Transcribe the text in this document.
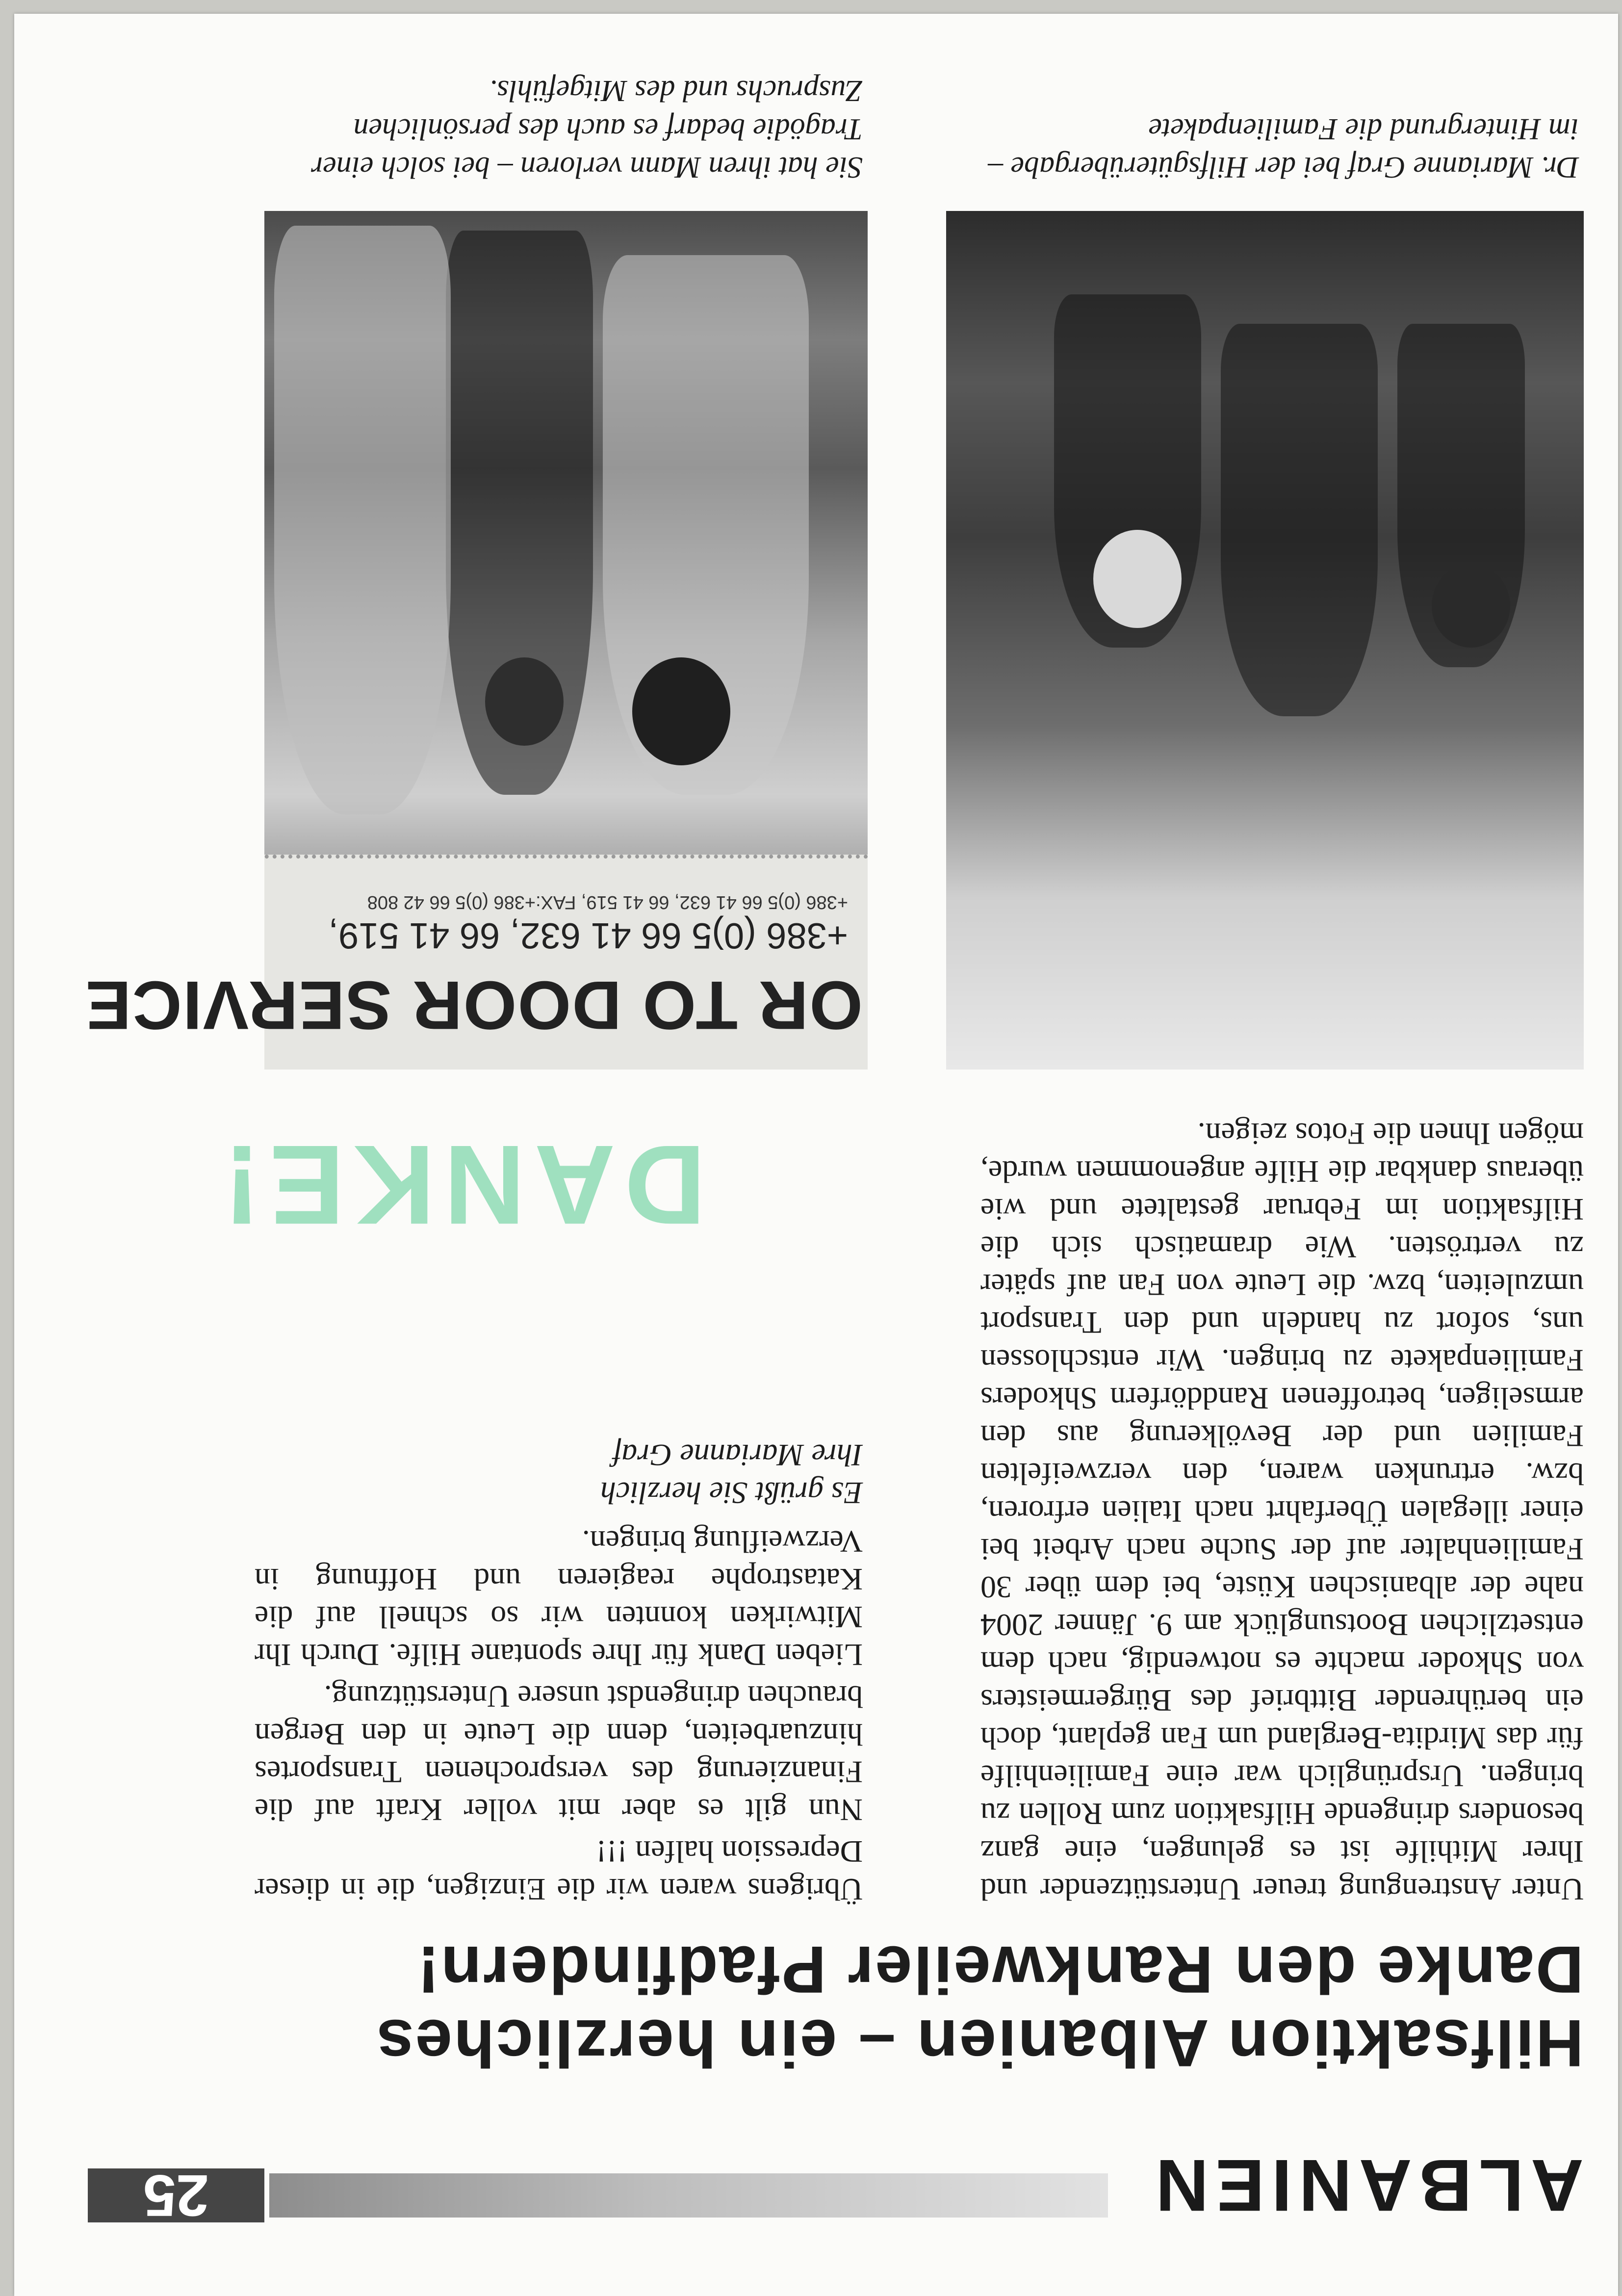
ALBANIEN
25
Hilfsaktion Albanien – ein herzliches
Danke den Rankweiler Pfadfindern!

Unter Anstrengung treuer Unterstützender und Ihrer Mithilfe ist es gelungen, eine ganz besonders dringende Hilfsaktion zum Rollen zu bringen. Ursprünglich war eine Familienhilfe für das Mirdita-Bergland um Fan geplant, doch ein berührender Bittbrief des Bürgermeisters von Shkoder machte es notwendig, nach dem entsetzlichen Bootsunglück am 9. Jänner 2004 nahe der albanischen Küste, bei dem über 30 Familienhalter auf der Suche nach Arbeit bei einer illegalen Überfahrt nach Italien erfroren, bzw. ertrunken waren, den verzweifelten Familien und der Bevölkerung aus den armseligen, betroffenen Randdörfern Shkoders Familienpakete zu bringen. Wir entschlossen uns, sofort zu handeln und den Transport umzuleiten, bzw. die Leute von Fan auf später zu vertrösten. Wie dramatisch sich die Hilfsaktion im Februar gestaltete und wie überaus dankbar die Hilfe angenommen wurde, mögen Ihnen die Fotos zeigen.

Übrigens waren wir die Einzigen, die in dieser Depression halfen !!!

Nun gilt es aber mit voller Kraft auf die Finanzierung des versprochenen Transportes hinzuarbeiten, denn die Leute in den Bergen brauchen dringendst unsere Unterstützung.

Lieben Dank für Ihre spontane Hilfe. Durch Ihr Mitwirken konnten wir so schnell auf die Katastrophe reagieren und Hoffnung in Verzweiflung bringen.

Es grüßt Sie herzlich
Ihre Marianne Graf
DANKE!
OR TO DOOR SERVICE
+386 (0)5 66 41 632, 66 41 519,
+386 (0)5 66 41 632, 66 41 519, FAX:+386 (0)5 66 42 808
Dr. Marianne Graf bei der Hilfsgüterübergabe – im Hintergrund die Familienpakete
Sie hat ihren Mann verloren – bei solch einer Tragödie bedarf es auch des persönlichen Zuspruchs und des Mitgefühls.
